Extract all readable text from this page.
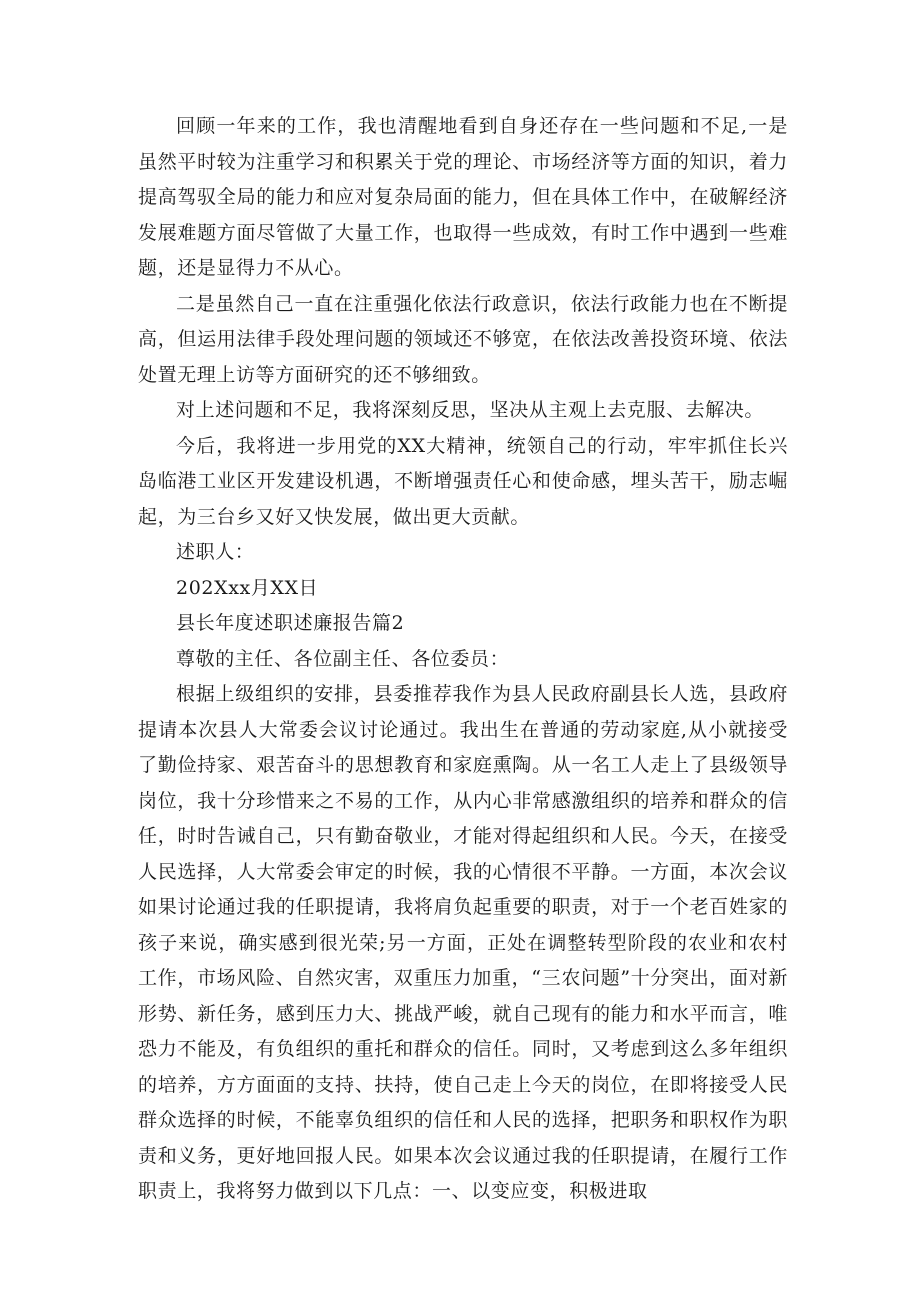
回顾一年来的工作，我也清醒地看到自身还存在一些问题和不足,一是虽然平时较为注重学习和积累关于党的理论、市场经济等方面的知识，着力提高驾驭全局的能力和应对复杂局面的能力，但在具体工作中，在破解经济发展难题方面尽管做了大量工作，也取得一些成效，有时工作中遇到一些难题，还是显得力不从心。

二是虽然自己一直在注重强化依法行政意识，依法行政能力也在不断提高，但运用法律手段处理问题的领域还不够宽，在依法改善投资环境、依法处置无理上访等方面研究的还不够细致。

对上述问题和不足，我将深刻反思，坚决从主观上去克服、去解决。

今后，我将进一步用党的XX大精神，统领自己的行动，牢牢抓住长兴岛临港工业区开发建设机遇，不断增强责任心和使命感，埋头苦干，励志崛起，为三台乡又好又快发展，做出更大贡献。

述职人：

202Xxx月XX日

县长年度述职述廉报告篇2

尊敬的主任、各位副主任、各位委员：

根据上级组织的安排，县委推荐我作为县人民政府副县长人选，县政府提请本次县人大常委会议讨论通过。我出生在普通的劳动家庭,从小就接受了勤俭持家、艰苦奋斗的思想教育和家庭熏陶。从一名工人走上了县级领导岗位，我十分珍惜来之不易的工作，从内心非常感激组织的培养和群众的信任，时时告诫自己，只有勤奋敬业，才能对得起组织和人民。今天，在接受人民选择，人大常委会审定的时候，我的心情很不平静。一方面，本次会议如果讨论通过我的任职提请，我将肩负起重要的职责，对于一个老百姓家的孩子来说，确实感到很光荣;另一方面，正处在调整转型阶段的农业和农村工作，市场风险、自然灾害，双重压力加重，“三农问题”十分突出，面对新形势、新任务，感到压力大、挑战严峻，就自己现有的能力和水平而言，唯恐力不能及，有负组织的重托和群众的信任。同时，又考虑到这么多年组织的培养，方方面面的支持、扶持，使自己走上今天的岗位，在即将接受人民群众选择的时候，不能辜负组织的信任和人民的选择，把职务和职权作为职责和义务，更好地回报人民。如果本次会议通过我的任职提请，在履行工作职责上，我将努力做到以下几点：一、以变应变，积极进取
